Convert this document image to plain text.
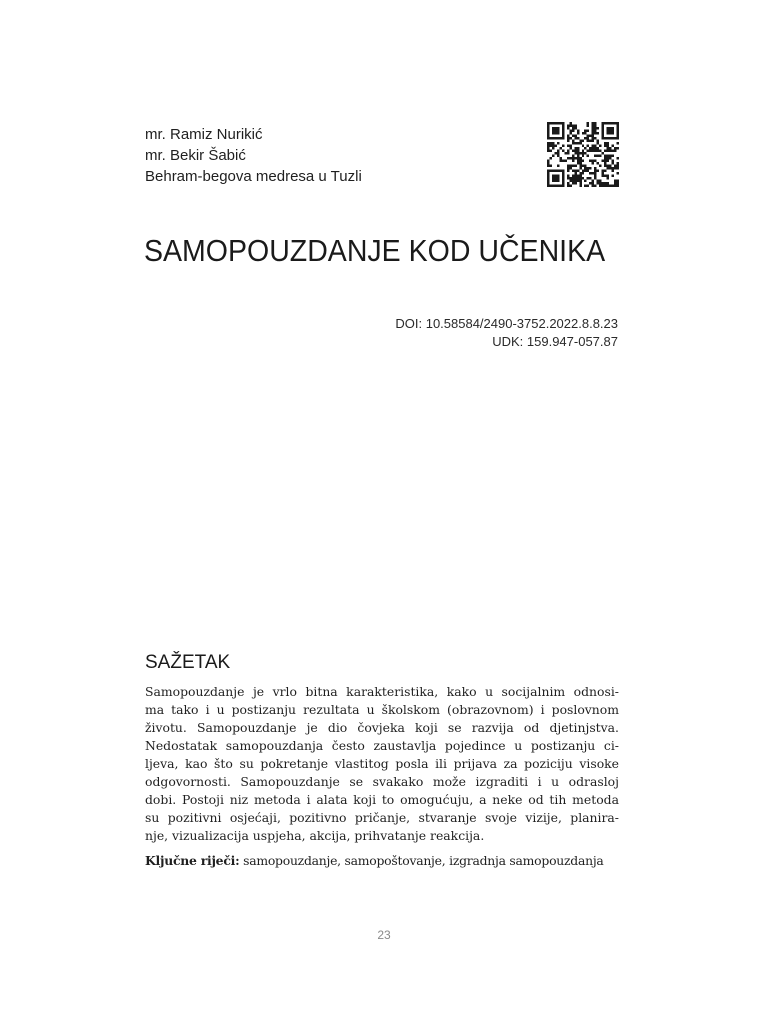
mr. Ramiz Nurikić
mr. Bekir Šabić
Behram-begova medresa u Tuzli
SAMOPOUZDANJE KOD UČENIKA
DOI: 10.58584/2490-3752.2022.8.8.23
UDK: 159.947-057.87
SAŽETAK
Samopouzdanje je vrlo bitna karakteristika, kako u socijalnim odnosi-
ma tako i u postizanju rezultata u školskom (obrazovnom) i poslovnom
životu. Samopouzdanje je dio čovjeka koji se razvija od djetinjstva.
Nedostatak samopouzdanja često zaustavlja pojedince u postizanju ci-
ljeva, kao što su pokretanje vlastitog posla ili prijava za poziciju visoke
odgovornosti. Samopouzdanje se svakako može izgraditi i u odrasloj
dobi. Postoji niz metoda i alata koji to omogućuju, a neke od tih metoda
su pozitivni osjećaji, pozitivno pričanje, stvaranje svoje vizije, planira-
nje, vizualizacija uspjeha, akcija, prihvatanje reakcija.
Ključne riječi: samopouzdanje, samopoštovanje, izgradnja samopouzdanja
23
